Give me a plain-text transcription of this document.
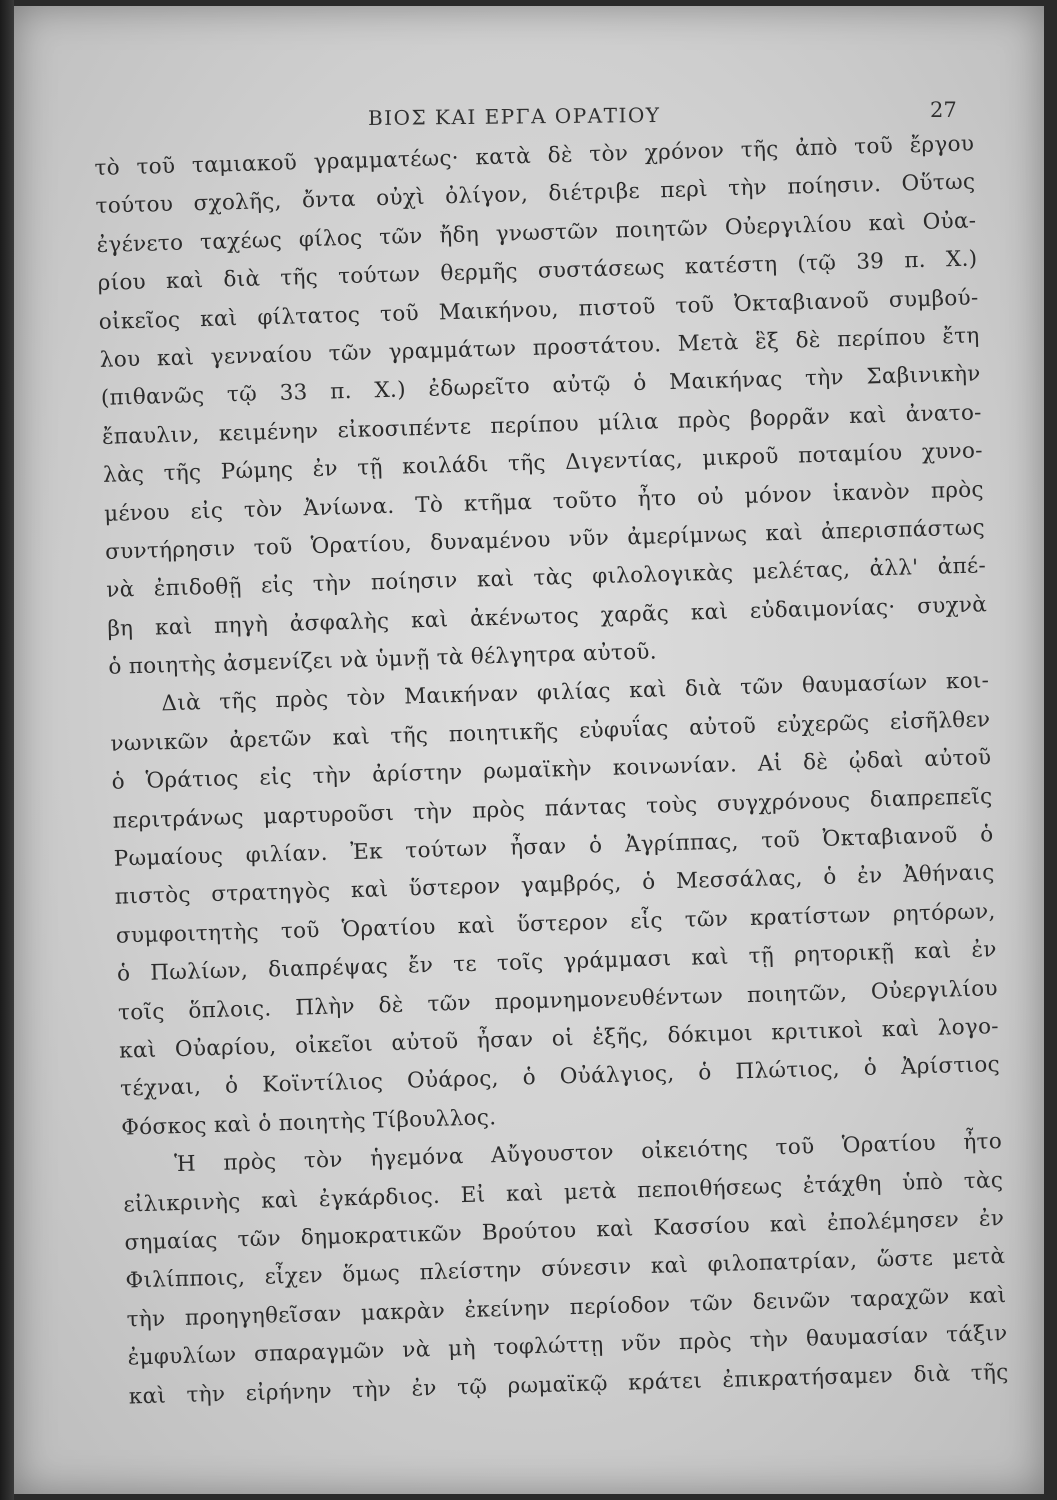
ΒΙΟΣ ΚΑΙ ΕΡΓΑ ΟΡΑΤΙΟΥ	27
τὸ τοῦ ταμιακοῦ γραμματέως· κατὰ δὲ τὸν χρόνον τῆς ἀπὸ τοῦ ἔργου
τούτου σχολῆς, ὄντα οὐχὶ ὀλίγον, διέτριβε περὶ τὴν ποίησιν. Οὕτως
ἐγένετο ταχέως φίλος τῶν ἤδη γνωστῶν ποιητῶν Οὐεργιλίου καὶ Οὐα-
ρίου καὶ διὰ τῆς τούτων θερμῆς συστάσεως κατέστη (τῷ 39 π. Χ.)
οἰκεῖος καὶ φίλτατος τοῦ Μαικήνου, πιστοῦ τοῦ Ὀκταβιανοῦ συμβού-
λου καὶ γενναίου τῶν γραμμάτων προστάτου. Μετὰ ἓξ δὲ περίπου ἔτη
(πιθανῶς τῷ 33 π. Χ.) ἐδωρεῖτο αὐτῷ ὁ Μαικήνας τὴν Σαβινικὴν
ἔπαυλιν, κειμένην εἰκοσιπέντε περίπου μίλια πρὸς βορρᾶν καὶ ἀνατο-
λὰς τῆς Ρώμης ἐν τῇ κοιλάδι τῆς Διγεντίας, μικροῦ ποταμίου χυνο-
μένου εἰς τὸν Ἀνίωνα. Τὸ κτῆμα τοῦτο ἦτο οὐ μόνον ἱκανὸν πρὸς
συντήρησιν τοῦ Ὁρατίου, δυναμένου νῦν ἀμερίμνως καὶ ἀπερισπάστως
νὰ ἐπιδοθῇ εἰς τὴν ποίησιν καὶ τὰς φιλολογικὰς μελέτας, ἀλλ' ἀπέ-
βη καὶ πηγὴ ἀσφαλὴς καὶ ἀκένωτος χαρᾶς καὶ εὐδαιμονίας· συχνὰ
ὁ ποιητὴς ἀσμενίζει νὰ ὑμνῇ τὰ θέλγητρα αὐτοῦ.
Διὰ τῆς πρὸς τὸν Μαικήναν φιλίας καὶ διὰ τῶν θαυμασίων κοι-
νωνικῶν ἀρετῶν καὶ τῆς ποιητικῆς εὐφυΐας αὐτοῦ εὐχερῶς εἰσῆλθεν
ὁ Ὁράτιος εἰς τὴν ἀρίστην ρωμαϊκὴν κοινωνίαν. Αἱ δὲ ᾠδαὶ αὐτοῦ
περιτράνως μαρτυροῦσι τὴν πρὸς πάντας τοὺς συγχρόνους διαπρεπεῖς
Ρωμαίους φιλίαν. Ἐκ τούτων ἦσαν ὁ Ἀγρίππας, τοῦ Ὀκταβιανοῦ ὁ
πιστὸς στρατηγὸς καὶ ὕστερον γαμβρός, ὁ Μεσσάλας, ὁ ἐν Ἀθήναις
συμφοιτητὴς τοῦ Ὁρατίου καὶ ὕστερον εἷς τῶν κρατίστων ρητόρων,
ὁ Πωλίων, διαπρέψας ἔν τε τοῖς γράμμασι καὶ τῇ ρητορικῇ καὶ ἐν
τοῖς ὅπλοις. Πλὴν δὲ τῶν προμνημονευθέντων ποιητῶν, Οὐεργιλίου
καὶ Οὐαρίου, οἰκεῖοι αὐτοῦ ἦσαν οἱ ἑξῆς, δόκιμοι κριτικοὶ καὶ λογο-
τέχναι, ὁ Κοϊντίλιος Οὐάρος, ὁ Οὐάλγιος, ὁ Πλώτιος, ὁ Ἀρίστιος
Φόσκος καὶ ὁ ποιητὴς Τίβουλλος.
Ἡ πρὸς τὸν ἡγεμόνα Αὔγουστον οἰκειότης τοῦ Ὁρατίου ἦτο
εἰλικρινὴς καὶ ἐγκάρδιος. Εἰ καὶ μετὰ πεποιθήσεως ἐτάχθη ὑπὸ τὰς
σημαίας τῶν δημοκρατικῶν Βρούτου καὶ Κασσίου καὶ ἐπολέμησεν ἐν
Φιλίπποις, εἶχεν ὅμως πλείστην σύνεσιν καὶ φιλοπατρίαν, ὥστε μετὰ
τὴν προηγηθεῖσαν μακρὰν ἐκείνην περίοδον τῶν δεινῶν ταραχῶν καὶ
ἐμφυλίων σπαραγμῶν νὰ μὴ τοφλώττῃ νῦν πρὸς τὴν θαυμασίαν τάξιν
καὶ τὴν εἰρήνην τὴν ἐν τῷ ρωμαϊκῷ κράτει ἐπικρατήσαμεν διὰ τῆς
